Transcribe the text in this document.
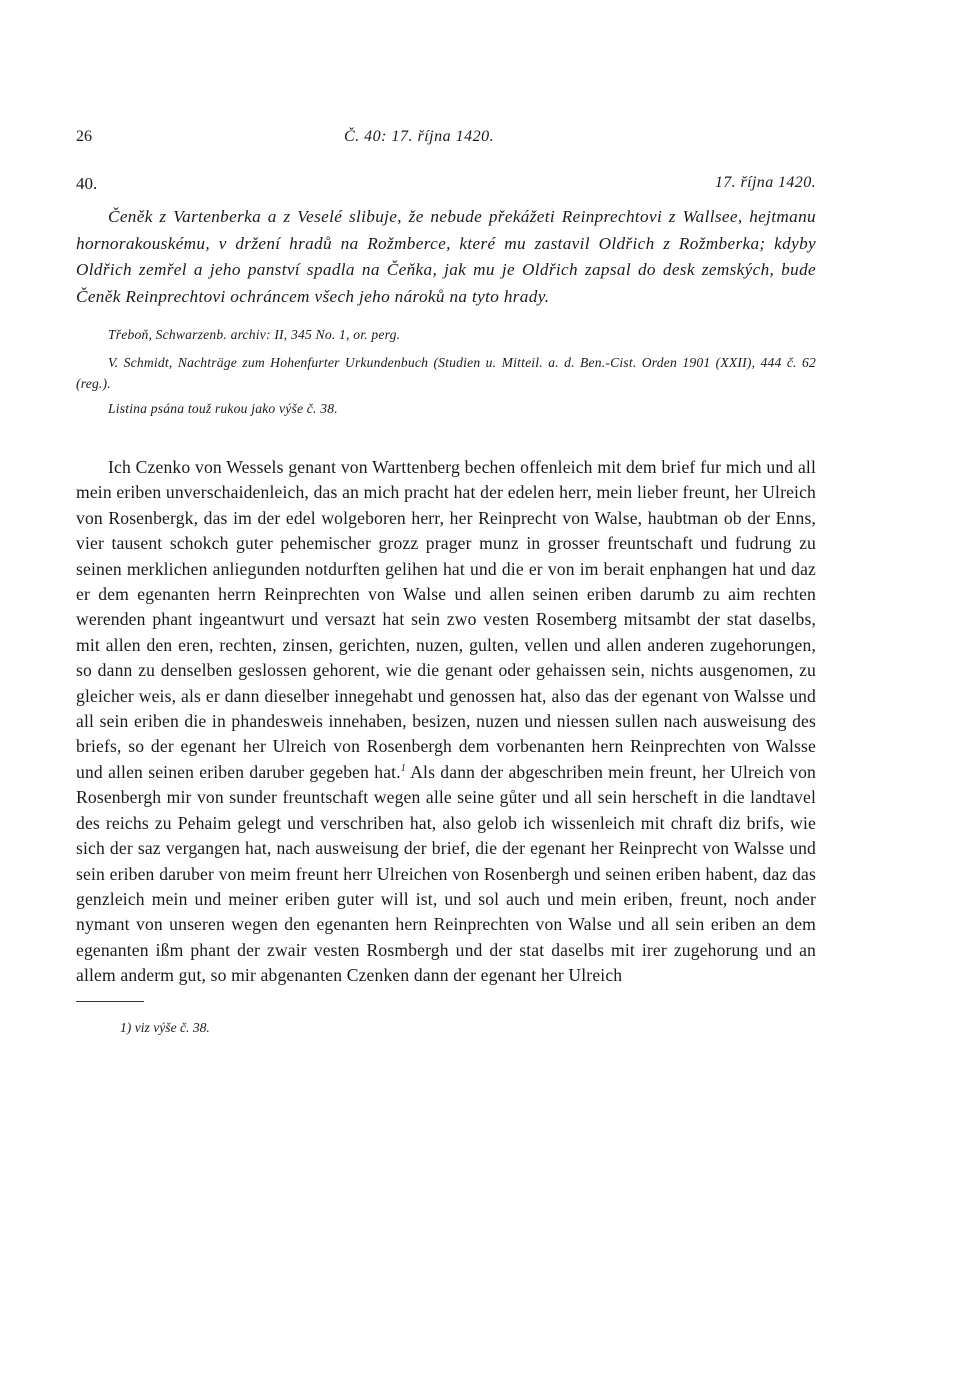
26	Č. 40: 17. října 1420.
40.	17. října 1420.

Čeněk z Vartenberka a z Veselé slibuje, že nebude překážeti Reinprechtovi z Wallsee, hejtmanu hornorakouskému, v držení hradů na Rožmberce, které mu zastavil Oldřich z Rožmberka; kdyby Oldřich zemřel a jeho panství spadla na Čeňka, jak mu je Oldřich zapsal do desk zemských, bude Čeněk Reinprechtovi ochráncem všech jeho nároků na tyto hrady.

Třeboň, Schwarzenb. archiv: II, 345 No. 1, or. perg.

V. Schmidt, Nachträge zum Hohenfurter Urkundenbuch (Studien u. Mitteil. a. d. Ben.-Cist. Orden 1901 (XXII), 444 č. 62 (reg.).

Listina psána touž rukou jako výše č. 38.

Ich Czenko von Wessels genant von Warttenberg bechen offenleich mit dem brief fur mich und all mein eriben unverschaidenleich, das an mich pracht hat der edelen herr, mein lieber freunt, her Ulreich von Rosenbergk, das im der edel wolgeboren herr, her Reinprecht von Walse, haubtman ob der Enns, vier tausent schokch guter pehemischer grozz prager munz in grosser freuntschaft und fudrung zu seinen merklichen anliegunden notdurften gelihen hat und die er von im berait enphangen hat und daz er dem egenanten herrn Reinprechten von Walse und allen seinen eriben darumb zu aim rechten werenden phant ingeantwurt und versazt hat sein zwo vesten Rosemberg mitsambt der stat daselbs, mit allen den eren, rechten, zinsen, gerichten, nuzen, gulten, vellen und allen anderen zugehorungen, so dann zu denselben geslossen gehorent, wie die genant oder gehaissen sein, nichts ausgenomen, zu gleicher weis, als er dann dieselber innegehabt und genossen hat, also das der egenant von Walsse und all sein eriben die in phandesweis innehaben, besizen, nuzen und niessen sullen nach ausweisung des briefs, so der egenant her Ulreich von Rosenbergh dem vorbenanten hern Reinprechten von Walsse und allen seinen eriben daruber gegeben hat.$^1$ Als dann der abgeschriben mein freunt, her Ulreich von Rosenbergh mir von sunder freuntschaft wegen alle seine gůter und all sein herscheft in die landtavel des reichs zu Pehaim gelegt und verschriben hat, also gelob ich wissenleich mit chraft diz brifs, wie sich der saz vergangen hat, nach ausweisung der brief, die der egenant her Reinprecht von Walsse und sein eriben daruber von meim freunt herr Ulreichen von Rosenbergh und seinen eriben habent, daz das genzleich mein und meiner eriben guter will ist, und sol auch und mein eriben, freunt, noch ander nymant von unseren wegen den egenanten hern Reinprechten von Walse und all sein eriben an dem egenanten ißm phant der zwair vesten Rosmbergh und der stat daselbs mit irer zugehorung und an allem anderm gut, so mir abgenanten Czenken dann der egenant her Ulreich

1) viz výše č. 38.
